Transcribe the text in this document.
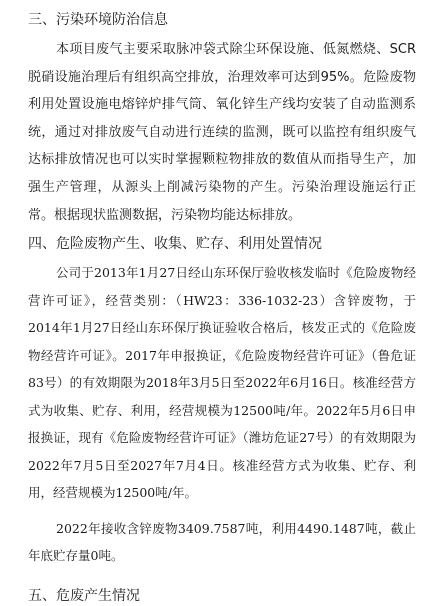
三、污染环境防治信息

本项目废气主要采取脉冲袋式除尘环保设施、低氮燃烧、SCR脱硝设施治理后有组织高空排放，治理效率可达到95%。危险废物利用处置设施电熔锌炉排气筒、氧化锌生产线均安装了自动监测系统，通过对排放废气自动进行连续的监测，既可以监控有组织废气达标排放情况也可以实时掌握颗粒物排放的数值从而指导生产，加强生产管理，从源头上削减污染物的产生。污染治理设施运行正常。根据现状监测数据，污染物均能达标排放。

四、危险废物产生、收集、贮存、利用处置情况

公司于2013年1月27日经山东环保厅验收核发临时《危险废物经营许可证》，经营类别：（HW23：336-1032-23）含锌废物，于2014年1月27日经山东环保厅换证验收合格后，核发正式的《危险废物经营许可证》。2017年申报换证，《危险废物经营许可证》（鲁危证83号）的有效期限为2018年3月5日至2022年6月16日。核准经营方式为收集、贮存、利用，经营规模为12500吨/年。2022年5月6日申报换证，现有《危险废物经营许可证》（潍坊危证27号）的有效期限为2022年7月5日至2027年7月4日。核准经营方式为收集、贮存、利用，经营规模为12500吨/年。

2022年接收含锌废物3409.7587吨，利用4490.1487吨，截止年底贮存量0吨。

五、危废产生情况
